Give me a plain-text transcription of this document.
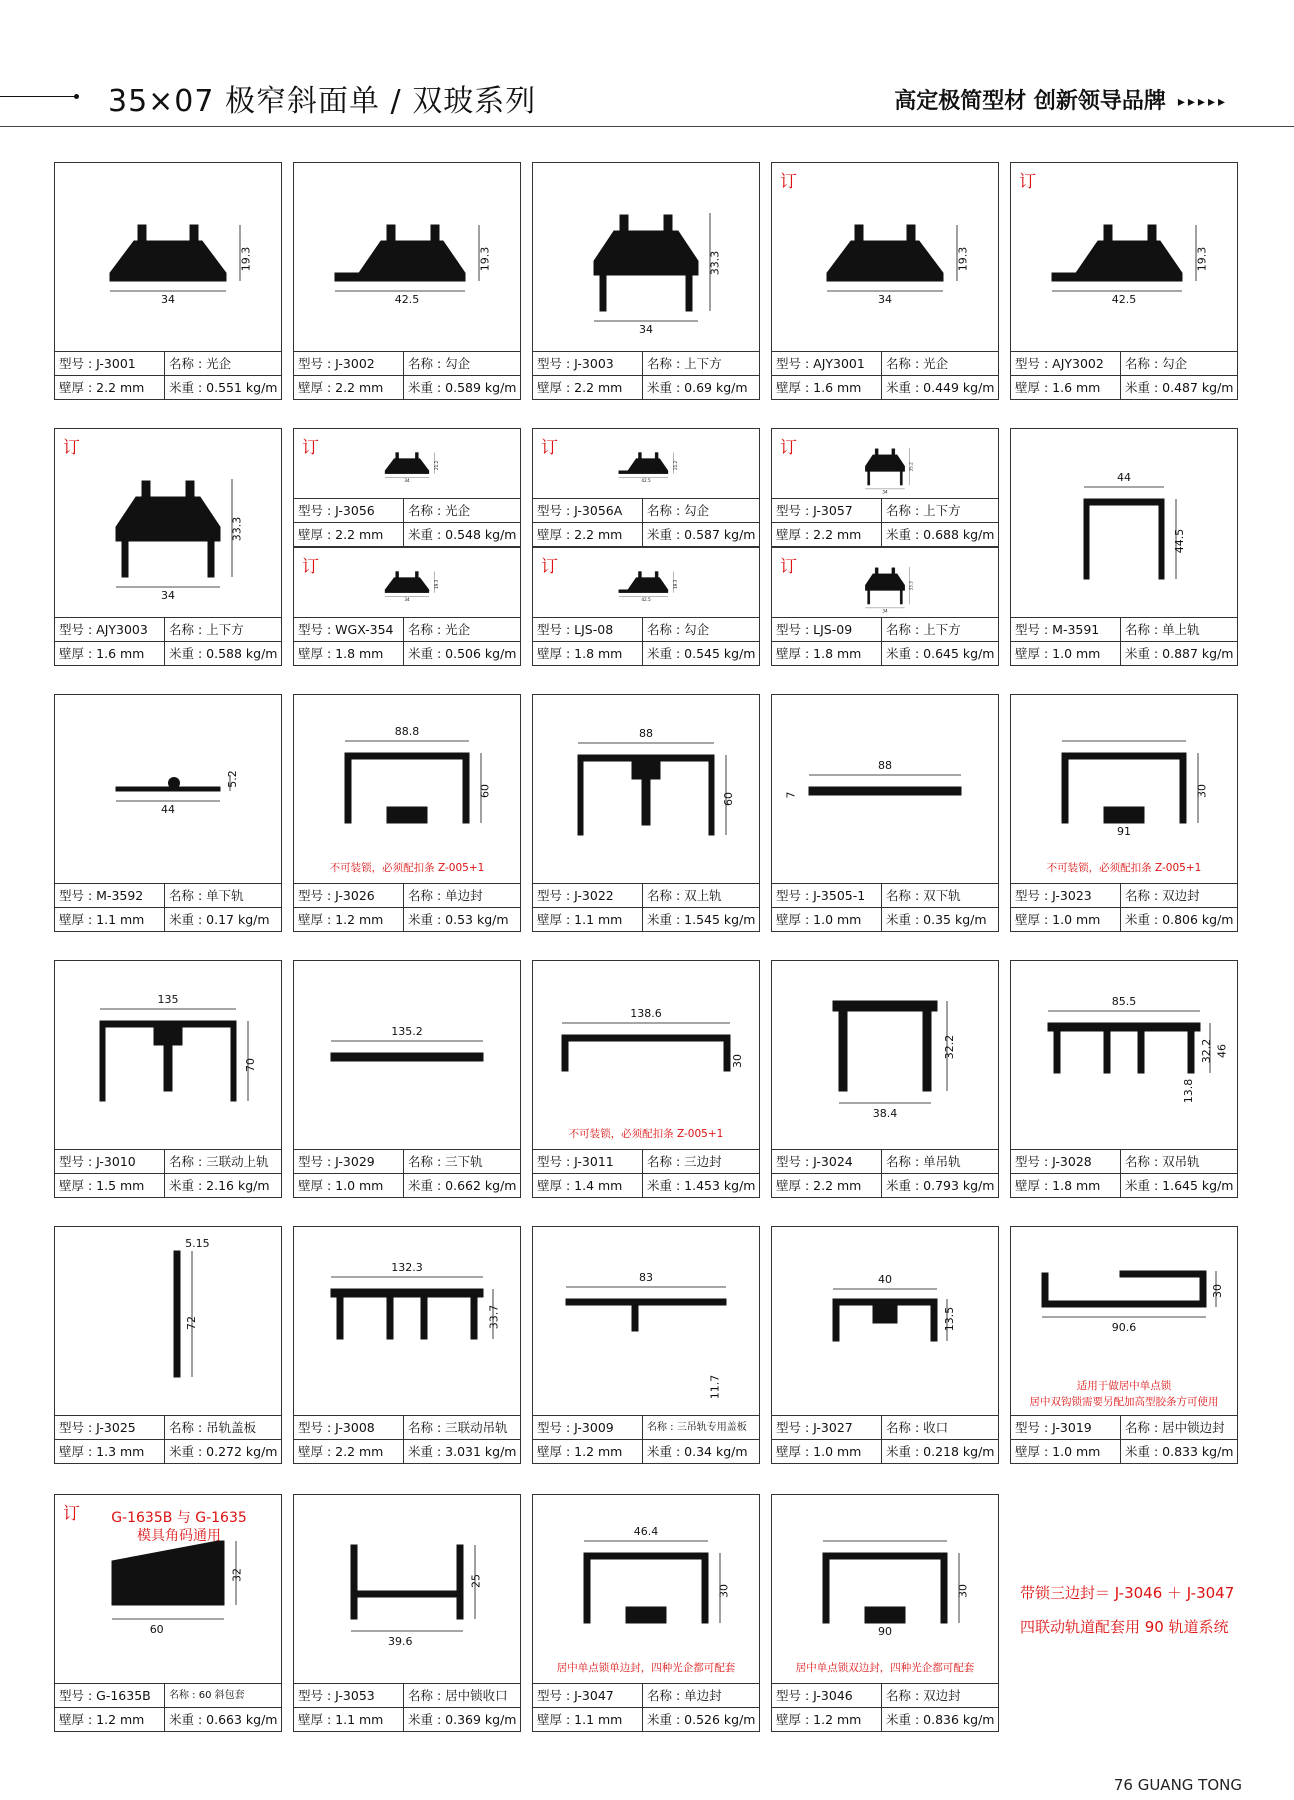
35×07 极窄斜面单 / 双玻系列	高定极简型材 创新领导品牌 ▸▸▸▸▸
34
19.3
型号 : J-3001	名称 : 光企
壁厚 : 2.2 mm	米重 : 0.551 kg/m
42.5
19.3
型号 : J-3002	名称 : 勾企
壁厚 : 2.2 mm	米重 : 0.589 kg/m
34
33.3
型号 : J-3003	名称 : 上下方
壁厚 : 2.2 mm	米重 : 0.69 kg/m
34
19.3
订
型号 : AJY3001	名称 : 光企
壁厚 : 1.6 mm	米重 : 0.449 kg/m
42.5
19.3
订
型号 : AJY3002	名称 : 勾企
壁厚 : 1.6 mm	米重 : 0.487 kg/m
34
33.3
订
型号 : AJY3003	名称 : 上下方
壁厚 : 1.6 mm	米重 : 0.588 kg/m
44
44.5
型号 : M-3591	名称 : 单上轨
壁厚 : 1.0 mm	米重 : 0.887 kg/m
44
5.2
型号 : M-3592	名称 : 单下轨
壁厚 : 1.1 mm	米重 : 0.17 kg/m
88.8
60
不可装锁，必须配扣条 Z-005+1
型号 : J-3026	名称 : 单边封
壁厚 : 1.2 mm	米重 : 0.53 kg/m
88
60
型号 : J-3022	名称 : 双上轨
壁厚 : 1.1 mm	米重 : 1.545 kg/m
88
7
型号 : J-3505-1	名称 : 双下轨
壁厚 : 1.0 mm	米重 : 0.35 kg/m
91
30
不可装锁，必须配扣条 Z-005+1
型号 : J-3023	名称 : 双边封
壁厚 : 1.0 mm	米重 : 0.806 kg/m
135
70
型号 : J-3010	名称 : 三联动上轨
壁厚 : 1.5 mm	米重 : 2.16 kg/m
135.2
型号 : J-3029	名称 : 三下轨
壁厚 : 1.0 mm	米重 : 0.662 kg/m
138.6
30
不可装锁，必须配扣条 Z-005+1
型号 : J-3011	名称 : 三边封
壁厚 : 1.4 mm	米重 : 1.453 kg/m
38.4
32.2
型号 : J-3024	名称 : 单吊轨
壁厚 : 2.2 mm	米重 : 0.793 kg/m
85.5
32.2 46
13.8
型号 : J-3028	名称 : 双吊轨
壁厚 : 1.8 mm	米重 : 1.645 kg/m
5.15
72
型号 : J-3025	名称 : 吊轨盖板
壁厚 : 1.3 mm	米重 : 0.272 kg/m
132.3
33.7
型号 : J-3008	名称 : 三联动吊轨
壁厚 : 2.2 mm	米重 : 3.031 kg/m
83
11.7
型号 : J-3009	名称 : 三吊轨专用盖板
壁厚 : 1.2 mm	米重 : 0.34 kg/m
40
13.5
型号 : J-3027	名称 : 收口
壁厚 : 1.0 mm	米重 : 0.218 kg/m
90.6
30
适用于做居中单点锁
居中双钩锁需要另配加高型胶条方可使用
型号 : J-3019	名称 : 居中锁边封
壁厚 : 1.0 mm	米重 : 0.833 kg/m
60
32
订	G-1635B 与 G-1635
模具角码通用
型号 : G-1635B	名称 : 60 斜包套
壁厚 : 1.2 mm	米重 : 0.663 kg/m
39.6
25
型号 : J-3053	名称 : 居中锁收口
壁厚 : 1.1 mm	米重 : 0.369 kg/m
46.4
30
居中单点锁单边封，四种光企都可配套
型号 : J-3047	名称 : 单边封
壁厚 : 1.1 mm	米重 : 0.526 kg/m
90
30
居中单点锁双边封，四种光企都可配套
型号 : J-3046	名称 : 双边封
壁厚 : 1.2 mm	米重 : 0.836 kg/m
34
21.2
订
型号 : J-3056	名称 : 光企
壁厚 : 2.2 mm	米重 : 0.548 kg/m
34
19.3
订
型号 : WGX-354	名称 : 光企
壁厚 : 1.8 mm	米重 : 0.506 kg/m
42.5
21.2
订
型号 : J-3056A	名称 : 勾企
壁厚 : 2.2 mm	米重 : 0.587 kg/m
42.5
19.3
订
型号 : LJS-08	名称 : 勾企
壁厚 : 1.8 mm	米重 : 0.545 kg/m
34
35.2
订
型号 : J-3057	名称 : 上下方
壁厚 : 2.2 mm	米重 : 0.688 kg/m
34
33.3
订
型号 : LJS-09	名称 : 上下方
壁厚 : 1.8 mm	米重 : 0.645 kg/m
带锁三边封＝ J-3046 ＋ J-3047
四联动轨道配套用 90 轨道系统
76 GUANG TONG
